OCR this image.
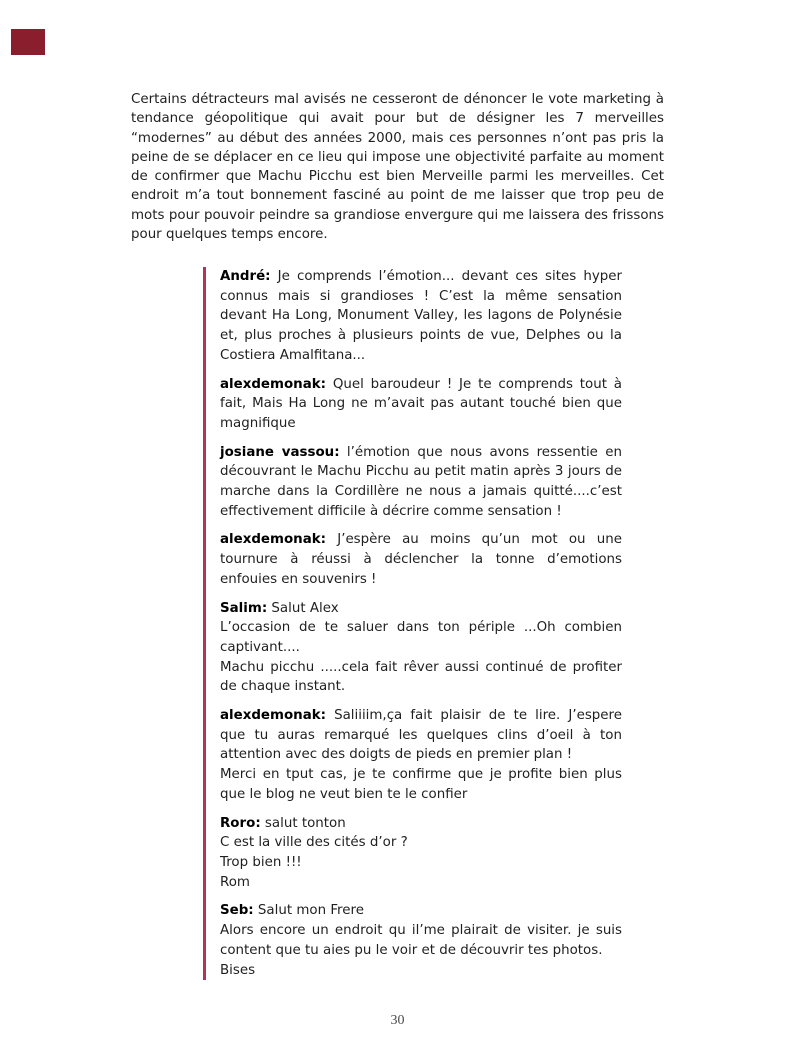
Certains détracteurs mal avisés ne cesseront de dénoncer le vote marketing à tendance géopolitique qui avait pour but de désigner les 7 merveilles “modernes” au début des années 2000, mais ces personnes n’ont pas pris la peine de se déplacer en ce lieu qui impose une objectivité parfaite au moment de confirmer que Machu Picchu est bien Merveille parmi les merveilles. Cet endroit m’a tout bonnement fasciné au point de me laisser que trop peu de mots pour pouvoir peindre sa grandiose envergure qui me laissera des frissons pour quelques temps encore.

André: Je comprends l’émotion... devant ces sites hyper connus mais si grandioses ! C’est la même sensation devant Ha Long, Monument Valley, les lagons de Polynésie et, plus proches à plusieurs points de vue, Delphes ou la Costiera Amalfitana...

alexdemonak: Quel baroudeur ! Je te comprends tout à fait, Mais Ha Long ne m’avait pas autant touché bien que magnifique

josiane vassou: l’émotion que nous avons ressentie en découvrant le Machu Picchu au petit matin après 3 jours de marche dans la Cordillère ne nous a jamais quitté....c’est effectivement difficile à décrire comme sensation !

alexdemonak: J’espère au moins qu’un mot ou une tournure à réussi à déclencher la tonne d’emotions enfouies en souvenirs !

Salim: Salut Alex

L’occasion de te saluer dans ton périple ...Oh combien captivant....

Machu picchu .....cela fait rêver aussi continué de profiter de chaque instant.

alexdemonak: Saliiiim,ça fait plaisir de te lire. J’espere que tu auras remarqué les quelques clins d’oeil à ton attention avec des doigts de pieds en premier plan !

Merci en tput cas, je te confirme que je profite bien plus que le blog ne veut bien te le confier

Roro: salut tonton

C est la ville des cités d’or ?

Trop bien !!!

Rom

Seb: Salut mon Frere

Alors encore un endroit qu il’me plairait de visiter. je suis content que tu aies pu le voir et de découvrir tes photos.

Bises

30
